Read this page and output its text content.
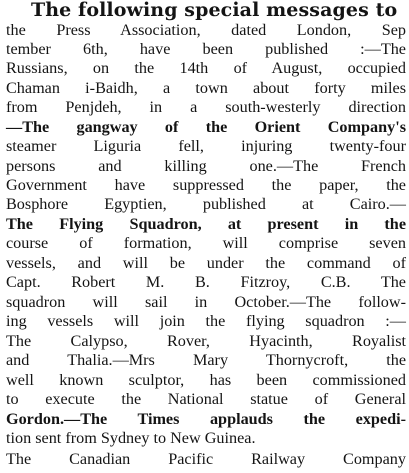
The following special messages to
the Press Association, dated London, Sep
tember 6th, have been published :—The
Russians, on the 14th of August, occupied
Chaman i-Baidh, a town about forty miles
from Penjdeh, in a south-westerly direction
—The gangway of the Orient Company's
steamer Liguria fell, injuring twenty-four
persons and killing one.—The French
Government have suppressed the paper, the
Bosphore Egyptien, published at Cairo.—
The Flying Squadron, at present in the
course of formation, will comprise seven
vessels, and will be under the command of
Capt. Robert M. B. Fitzroy, C.B. The
squadron will sail in October.—The follow-
ing vessels will join the flying squadron :—
The Calypso, Rover, Hyacinth, Royalist
and Thalia.—Mrs Mary Thornycroft, the
well known sculptor, has been commissioned
to execute the National statue of General
Gordon.—The Times applauds the expedi-
tion sent from Sydney to New Guinea.
The Canadian Pacific Railway Company
